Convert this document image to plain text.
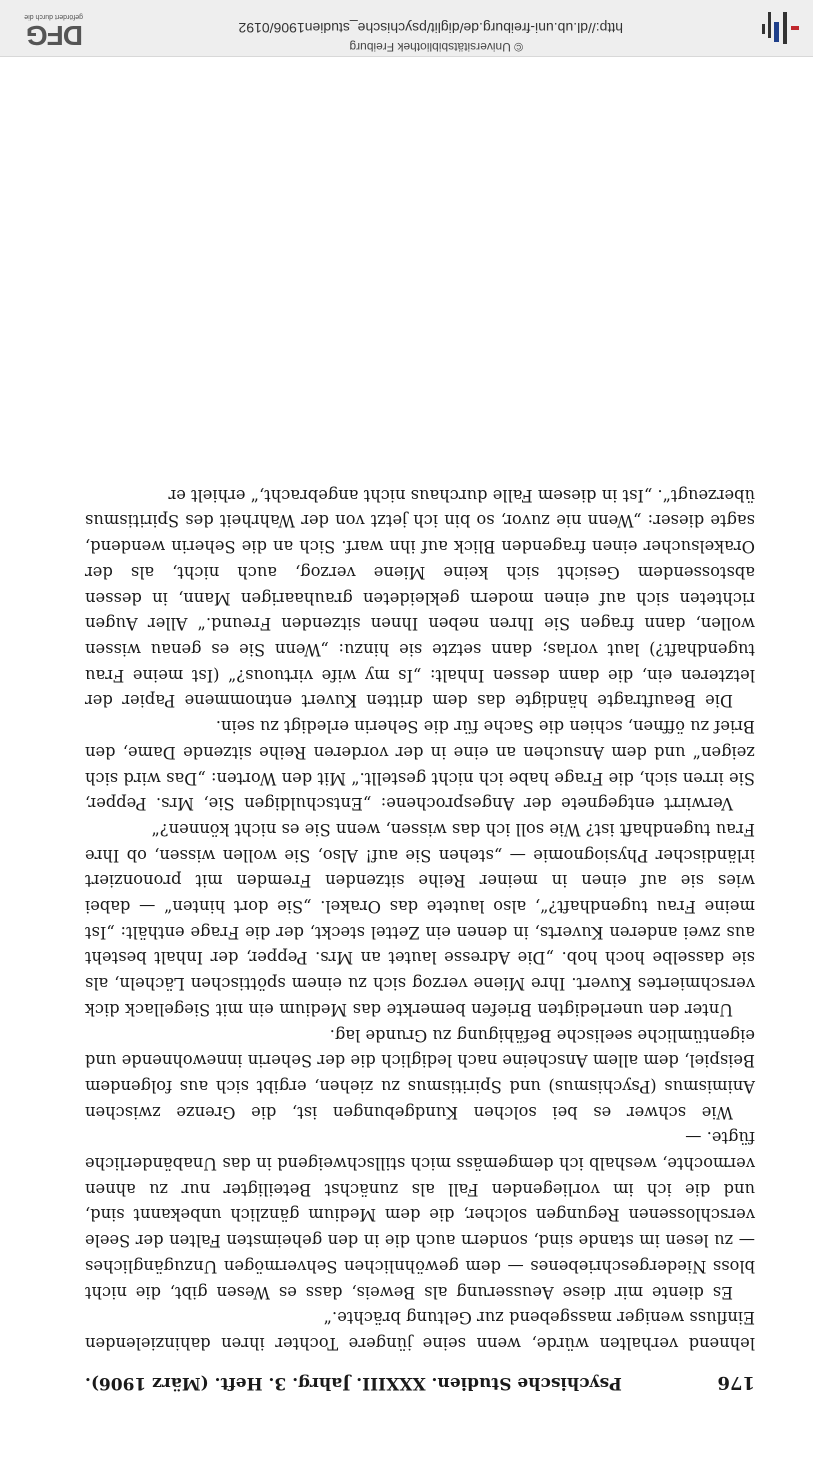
176
Psychische Studien. XXXIII. Jahrg. 3. Heft. (März 1906).

lehnend verhalten würde, wenn seine jüngere Tochter ihren dahinzielenden Einfluss weniger massgebend zur Geltung brächte.“

Es diente mir diese Aeusserung als Beweis, dass es Wesen gibt, die nicht bloss Niedergeschriebenes — dem gewöhnlichen Sehvermögen Unzugängliches — zu lesen im stande sind, sondern auch die in den geheimsten Falten der Seele verschlossenen Regungen solcher, die dem Medium gänzlich unbekannt sind, und die ich im vorliegenden Fall als zunächst Beteiligter nur zu ahnen vermochte, weshalb ich demgemäss mich stillschweigend in das Unabänderliche fügte. —

Wie schwer es bei solchen Kundgebungen ist, die Grenze zwischen Animismus (Psychismus) und Spiritismus zu ziehen, ergibt sich aus folgendem Beispiel, dem allem Anscheine nach lediglich die der Seherin innewohnende und eigentümliche seelische Befähigung zu Grunde lag.

Unter den unerledigten Briefen bemerkte das Medium ein mit Siegellack dick verschmiertes Kuvert. Ihre Miene verzog sich zu einem spöttischen Lächeln, als sie dasselbe hoch hob. „Die Adresse lautet an Mrs. Pepper, der Inhalt besteht aus zwei anderen Kuverts, in denen ein Zettel steckt, der die Frage enthält: „Ist meine Frau tugendhaft?“, also lautete das Orakel. „Sie dort hinten“ — dabei wies sie auf einen in meiner Reihe sitzenden Fremden mit prononziert irländischer Physiognomie — „stehen Sie auf! Also, Sie wollen wissen, ob Ihre Frau tugendhaft ist? Wie soll ich das wissen, wenn Sie es nicht können?“

Verwirrt entgegnete der Angesprochene: „Entschuldigen Sie, Mrs. Pepper, Sie irren sich, die Frage habe ich nicht gestellt.“ Mit den Worten: „Das wird sich zeigen“ und dem Ansuchen an eine in der vorderen Reihe sitzende Dame, den Brief zu öffnen, schien die Sache für die Seherin erledigt zu sein.

Die Beauftragte händigte das dem dritten Kuvert entnommene Papier der letzteren ein, die dann dessen Inhalt: „Is my wife virtuous?“ (Ist meine Frau tugendhaft?) laut vorlas; dann setzte sie hinzu: „Wenn Sie es genau wissen wollen, dann fragen Sie Ihren neben Ihnen sitzenden Freund.“ Aller Augen richteten sich auf einen modern gekleideten grauhaarigen Mann, in dessen abstossendem Gesicht sich keine Miene verzog, auch nicht, als der Orakelsucher einen fragenden Blick auf ihn warf. Sich an die Seherin wendend, sagte dieser: „Wenn nie zuvor, so bin ich jetzt von der Wahrheit des Spiritismus überzeugt“. „Ist in diesem Falle durchaus nicht angebracht,“ erhielt er

http://dl.ub.uni-freiburg.de/diglit/psychische_studien1906/0192
© Universitätsbibliothek Freiburg
DFG
gefördert durch die
